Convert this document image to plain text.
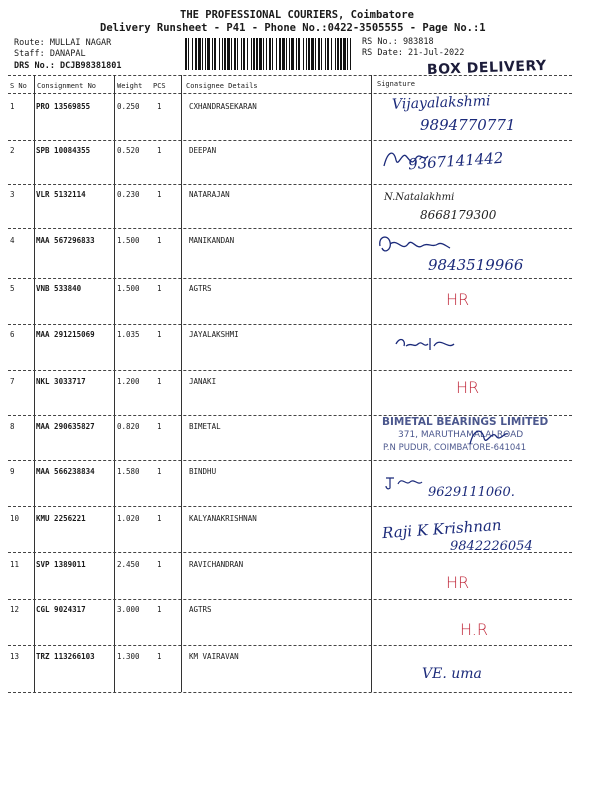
THE PROFESSIONAL COURIERS, Coimbatore
Delivery Runsheet - P41 - Phone No.:0422-3505555 - Page No.:1
Route: MULLAI NAGAR
Staff: DANAPAL
DRS No.: DCJB98381801
RS No.: 983818
RS Date: 21-Jul-2022
BOX DELIVERY
S No Consignment No	Weight PCS	Consignee Details	Signature
1	PRO 13569855	0.250 1	CXHANDRASEKARAN	Vijayalakshmi
9894770771
2	SPB 10084355	0.520 1	DEEPAN	9367141442
3	VLR 5132114	0.230 1	NATARAJAN	N.Natalakhmi
8668179300
4	MAA 567296833	1.500 1	MANIKANDAN
9843519966
5	VNB 533840	1.500 1	AGTRS
HR
6	MAA 291215069	1.035 1	JAYALAKSHMI
7	NKL 3033717	1.200 1	JANAKI	HR
8	MAA 290635827	0.820 1	BIMETAL	BIMETAL BEARINGS LIMITED
371, MARUTHAMALAI ROAD
P.N PUDUR, COIMBATORE-641041
9	MAA 566238834	1.580 1	BINDHU
9629111060.
10 KMU 2256221	1.020 1	KALYANAKRISHNAN	Raji K Krishnan
9842226054
11 SVP 1389011	2.450 1	RAVICHANDRAN
HR
12 CGL 9024317	3.000 1	AGTRS
H.R
13 TRZ 113266103	1.300 1	KM VAIRAVAN
VE. uma
